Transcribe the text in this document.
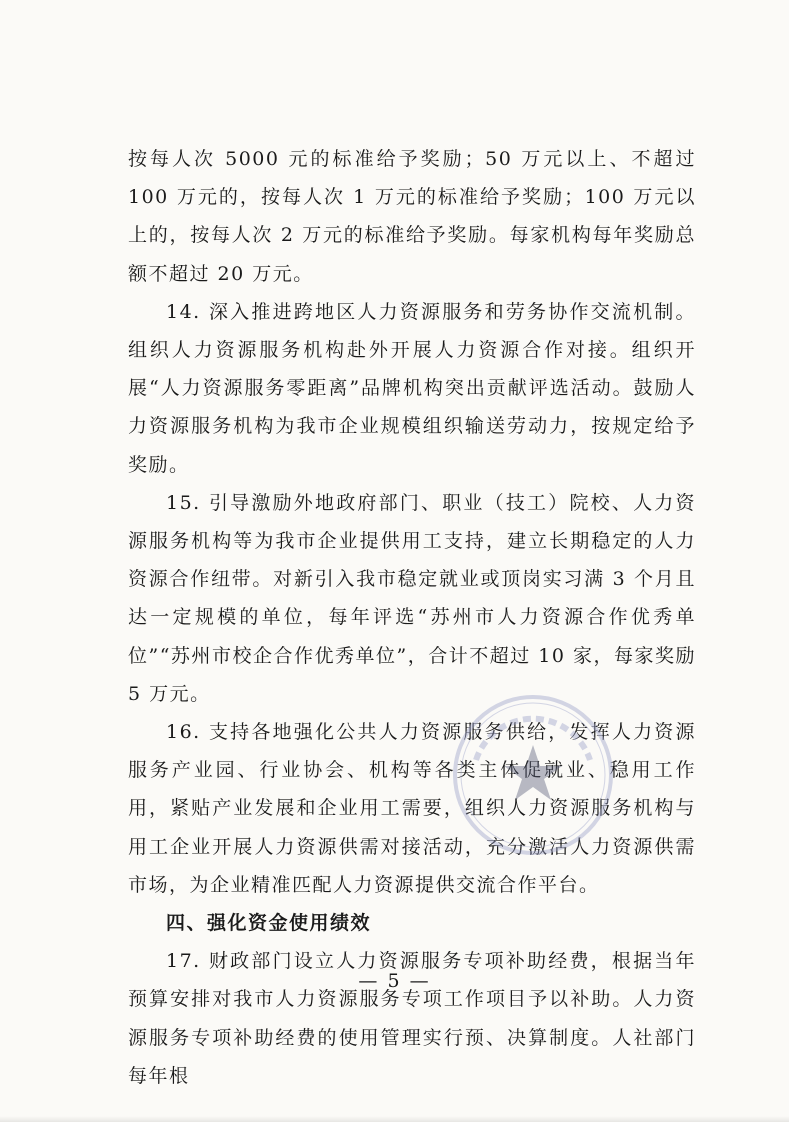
按每人次 5000 元的标准给予奖励；50 万元以上、不超过 100 万元的，按每人次 1 万元的标准给予奖励；100 万元以上的，按每人次 2 万元的标准给予奖励。每家机构每年奖励总额不超过 20 万元。

14. 深入推进跨地区人力资源服务和劳务协作交流机制。组织人力资源服务机构赴外开展人力资源合作对接。组织开展“人力资源服务零距离”品牌机构突出贡献评选活动。鼓励人力资源服务机构为我市企业规模组织输送劳动力，按规定给予奖励。

15. 引导激励外地政府部门、职业（技工）院校、人力资源服务机构等为我市企业提供用工支持，建立长期稳定的人力资源合作纽带。对新引入我市稳定就业或顶岗实习满 3 个月且达一定规模的单位，每年评选“苏州市人力资源合作优秀单位”“苏州市校企合作优秀单位”，合计不超过 10 家，每家奖励 5 万元。

16. 支持各地强化公共人力资源服务供给，发挥人力资源服务产业园、行业协会、机构等各类主体促就业、稳用工作用，紧贴产业发展和企业用工需要，组织人力资源服务机构与用工企业开展人力资源供需对接活动，充分激活人力资源供需市场，为企业精准匹配人力资源提供交流合作平台。

四、强化资金使用绩效

17. 财政部门设立人力资源服务专项补助经费，根据当年预算安排对我市人力资源服务专项工作项目予以补助。人力资源服务专项补助经费的使用管理实行预、决算制度。人社部门每年根

— 5 —
